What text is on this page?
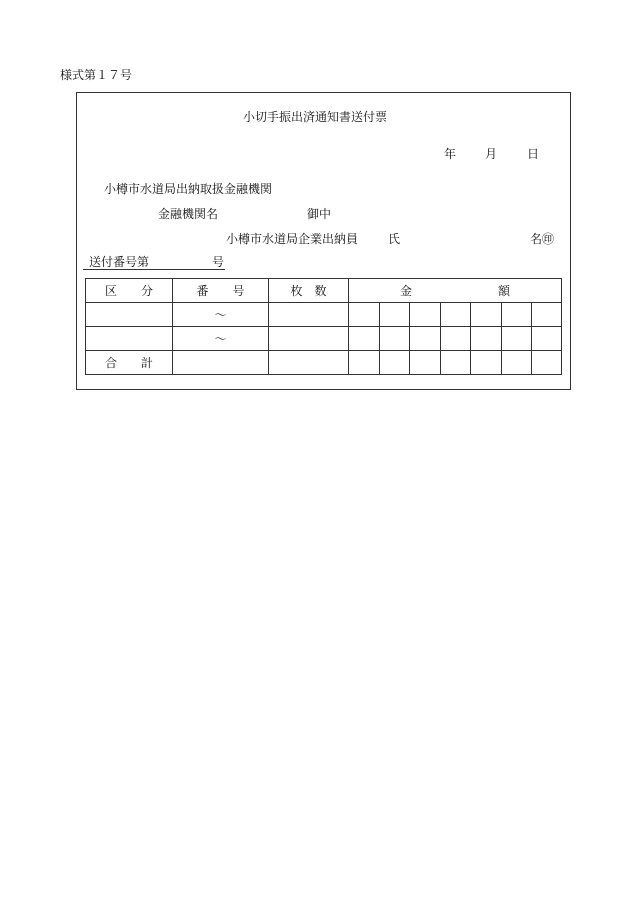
様式第１７号
小切手振出済通知書送付票
年 月 日
小樽市水道局出納取扱金融機関
金融機関名	御中
小樽市水道局企業出納員 氏	名㊞
送付番号第	号
区 分	番 号	枚 数	金 額						
	～								
	～								
合 計									
